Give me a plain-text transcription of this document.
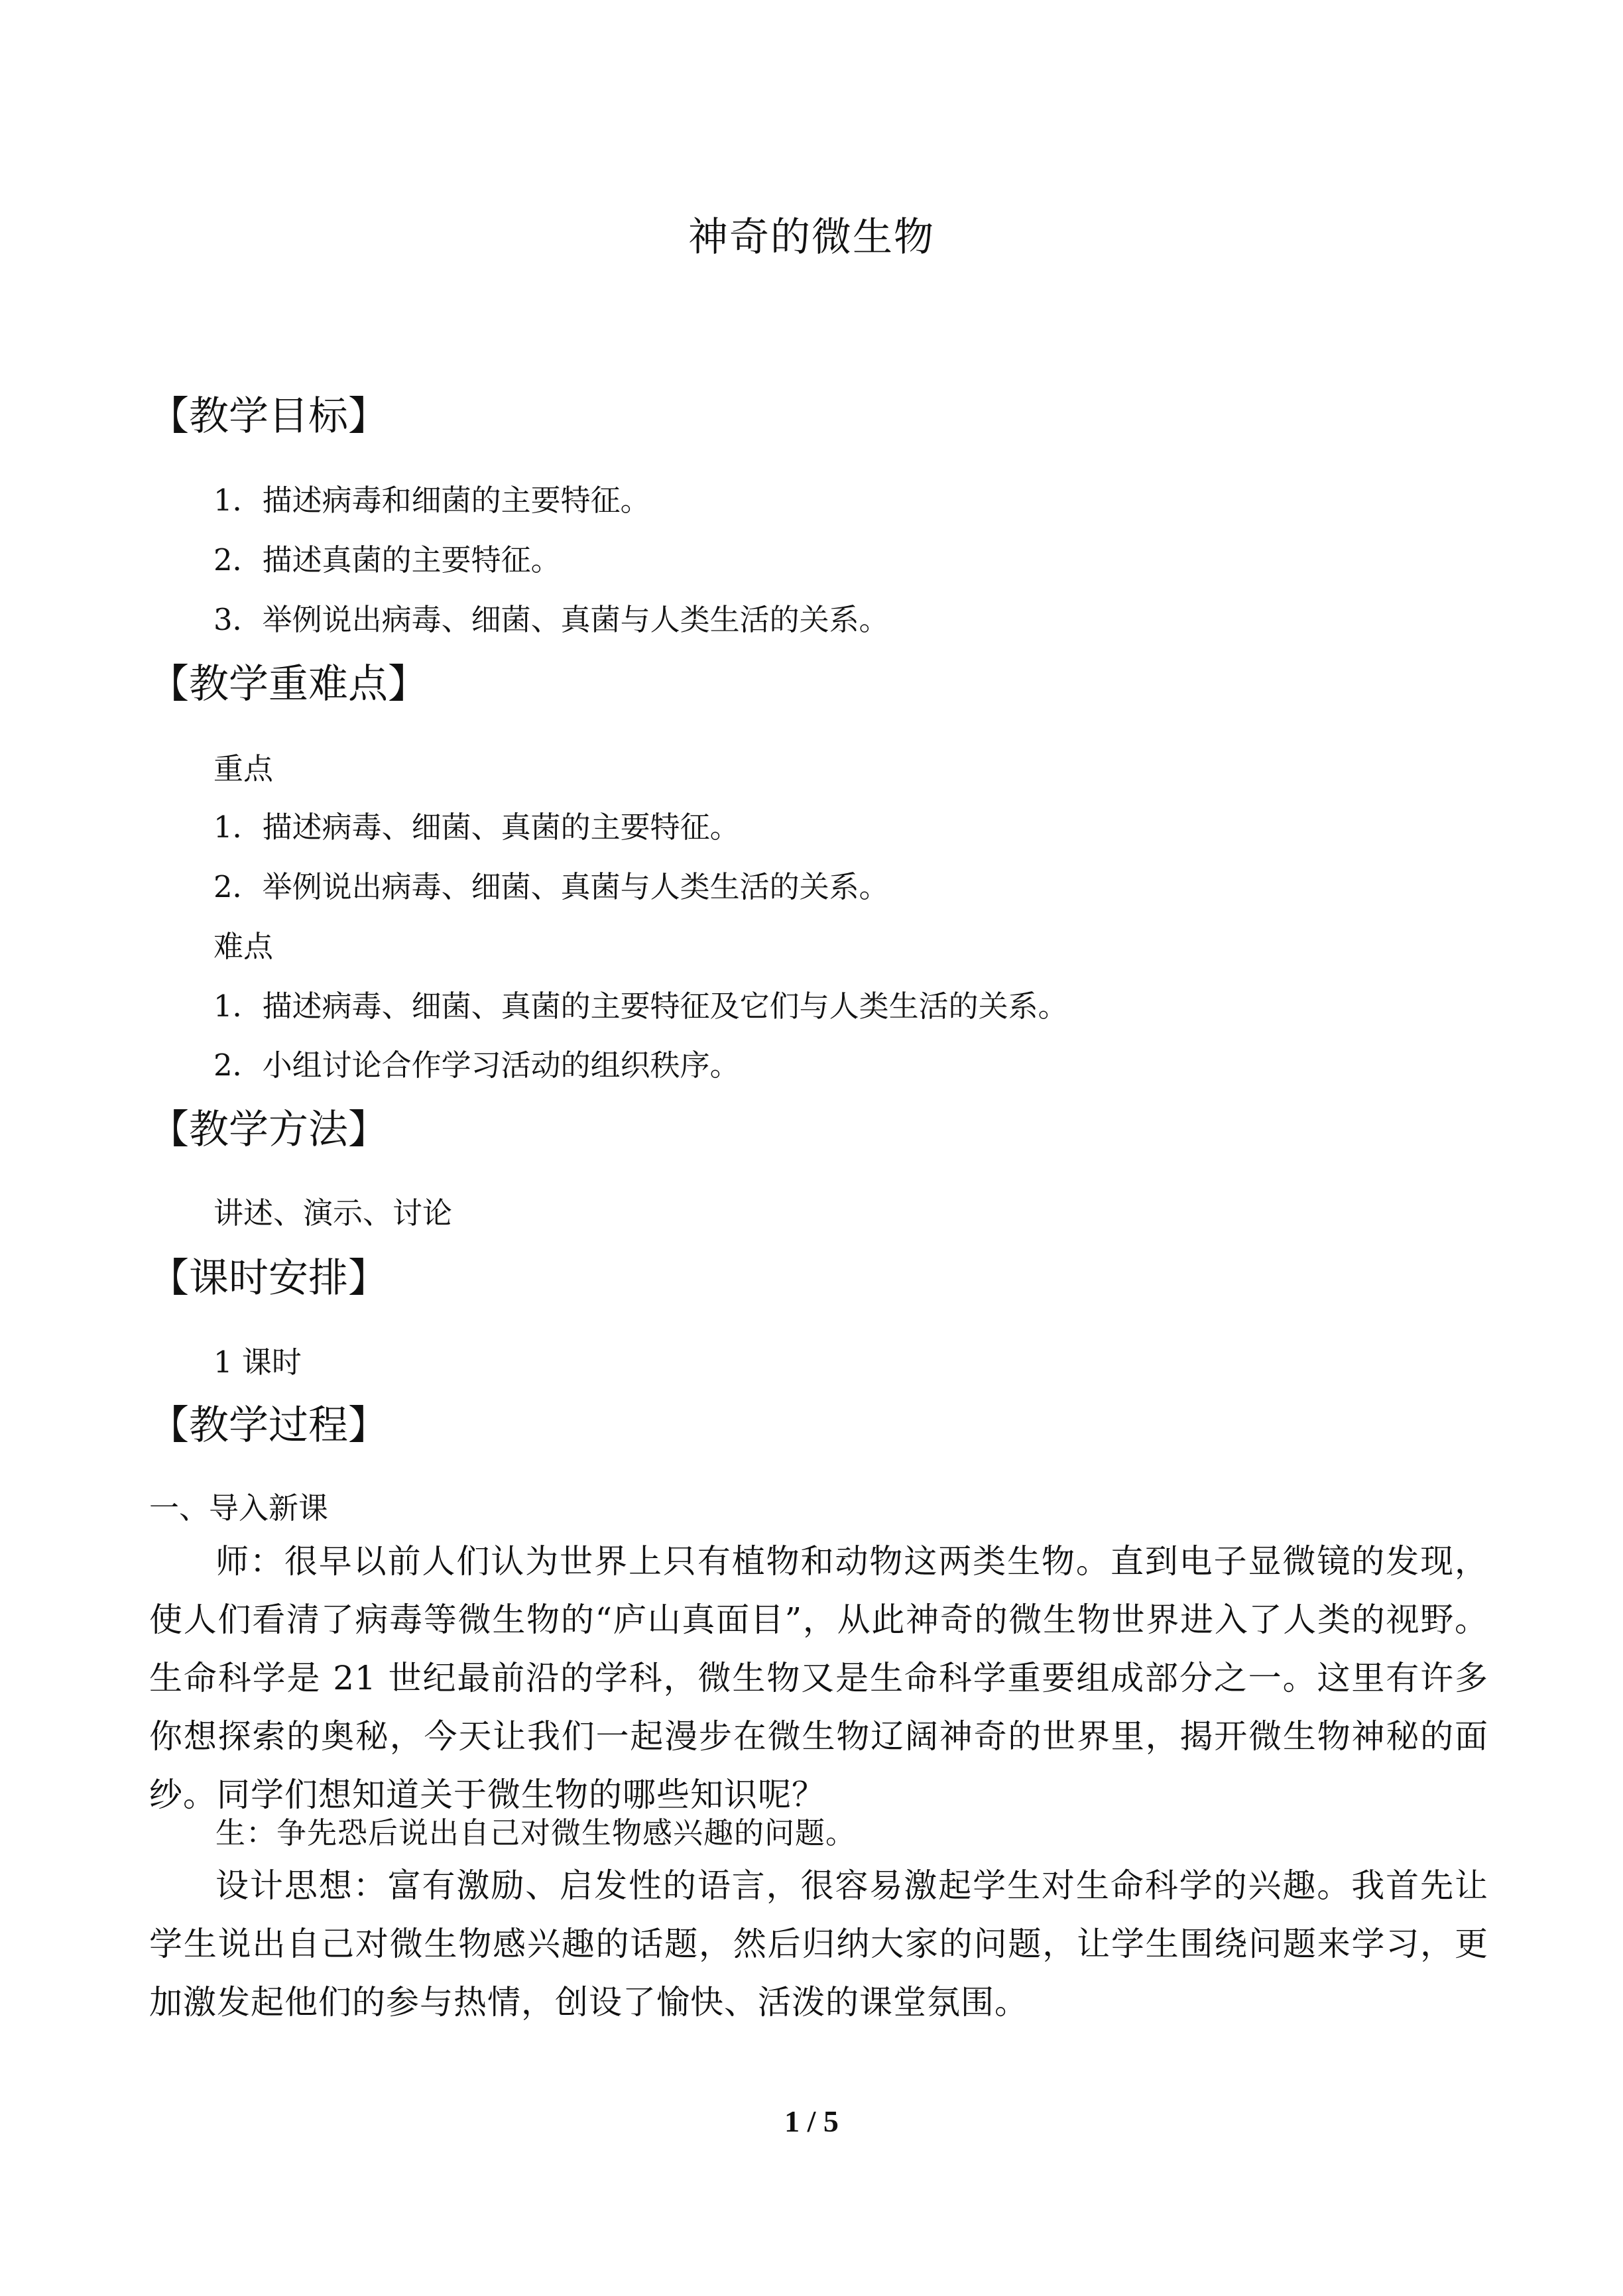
神奇的微生物
【教学目标】
1．描述病毒和细菌的主要特征。
2．描述真菌的主要特征。
3．举例说出病毒、细菌、真菌与人类生活的关系。
【教学重难点】
重点
1．描述病毒、细菌、真菌的主要特征。
2．举例说出病毒、细菌、真菌与人类生活的关系。
难点
1．描述病毒、细菌、真菌的主要特征及它们与人类生活的关系。
2．小组讨论合作学习活动的组织秩序。
【教学方法】
讲述、演示、讨论
【课时安排】
1 课时
【教学过程】
一、导入新课
师：很早以前人们认为世界上只有植物和动物这两类生物。直到电子显微镜的发现，使人们看清了病毒等微生物的“庐山真面目”，从此神奇的微生物世界进入了人类的视野。生命科学是 21 世纪最前沿的学科，微生物又是生命科学重要组成部分之一。这里有许多你想探索的奥秘，今天让我们一起漫步在微生物辽阔神奇的世界里，揭开微生物神秘的面纱。同学们想知道关于微生物的哪些知识呢？
生：争先恐后说出自己对微生物感兴趣的问题。
设计思想：富有激励、启发性的语言，很容易激起学生对生命科学的兴趣。我首先让学生说出自己对微生物感兴趣的话题，然后归纳大家的问题，让学生围绕问题来学习，更加激发起他们的参与热情，创设了愉快、活泼的课堂氛围。
1 / 5
